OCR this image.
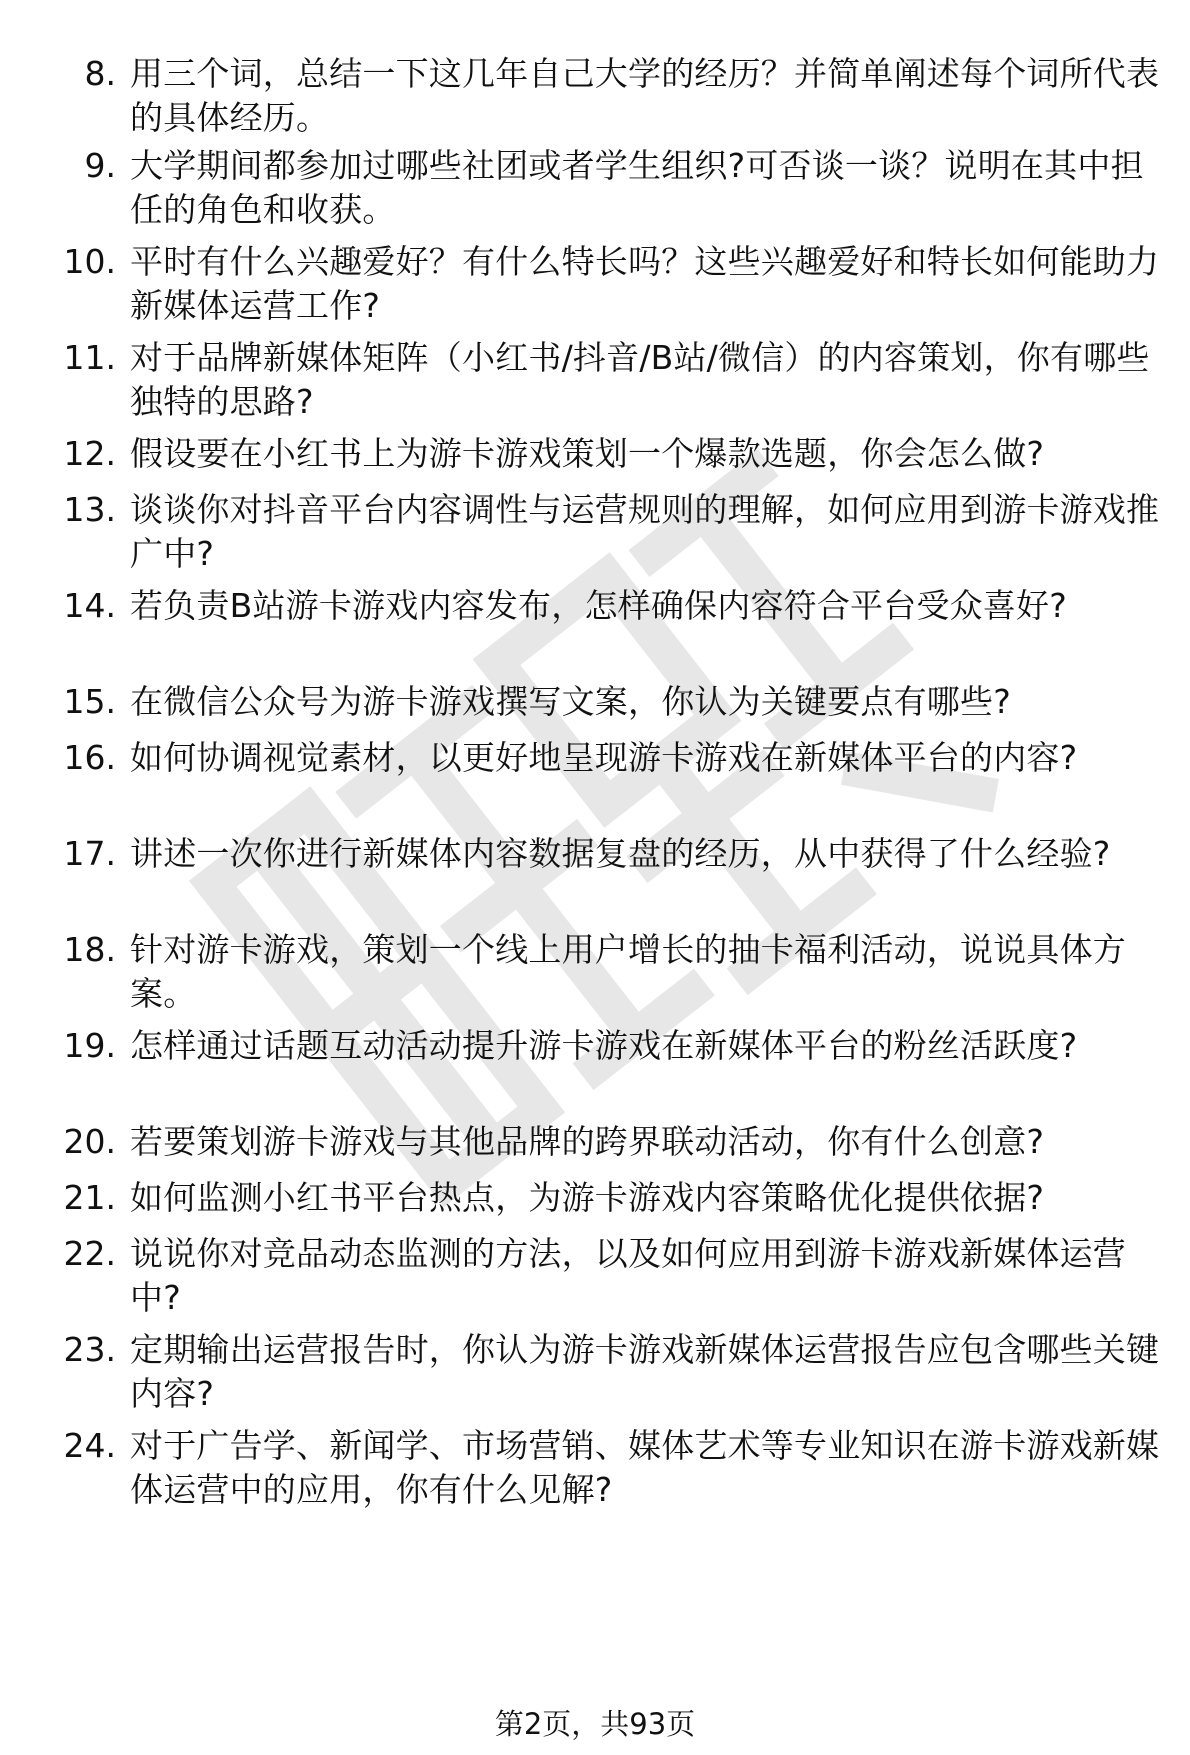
8. 用三个词，总结一下这几年自己大学的经历？并简单阐述每个词所代表的具体经历。
9. 大学期间都参加过哪些社团或者学生组织?可否谈一谈？说明在其中担任的角色和收获。
10. 平时有什么兴趣爱好？有什么特长吗？这些兴趣爱好和特长如何能助力新媒体运营工作?
11. 对于品牌新媒体矩阵（小红书/抖音/B站/微信）的内容策划，你有哪些独特的思路?
12. 假设要在小红书上为游卡游戏策划一个爆款选题，你会怎么做?
13. 谈谈你对抖音平台内容调性与运营规则的理解，如何应用到游卡游戏推广中?
14. 若负责B站游卡游戏内容发布，怎样确保内容符合平台受众喜好?
15. 在微信公众号为游卡游戏撰写文案，你认为关键要点有哪些?
16. 如何协调视觉素材，以更好地呈现游卡游戏在新媒体平台的内容?
17. 讲述一次你进行新媒体内容数据复盘的经历，从中获得了什么经验?
18. 针对游卡游戏，策划一个线上用户增长的抽卡福利活动，说说具体方案。
19. 怎样通过话题互动活动提升游卡游戏在新媒体平台的粉丝活跃度?
20. 若要策划游卡游戏与其他品牌的跨界联动活动，你有什么创意?
21. 如何监测小红书平台热点，为游卡游戏内容策略优化提供依据?
22. 说说你对竞品动态监测的方法，以及如何应用到游卡游戏新媒体运营中?
23. 定期输出运营报告时，你认为游卡游戏新媒体运营报告应包含哪些关键内容?
24. 对于广告学、新闻学、市场营销、媒体艺术等专业知识在游卡游戏新媒体运营中的应用，你有什么见解?
第2页，共93页
